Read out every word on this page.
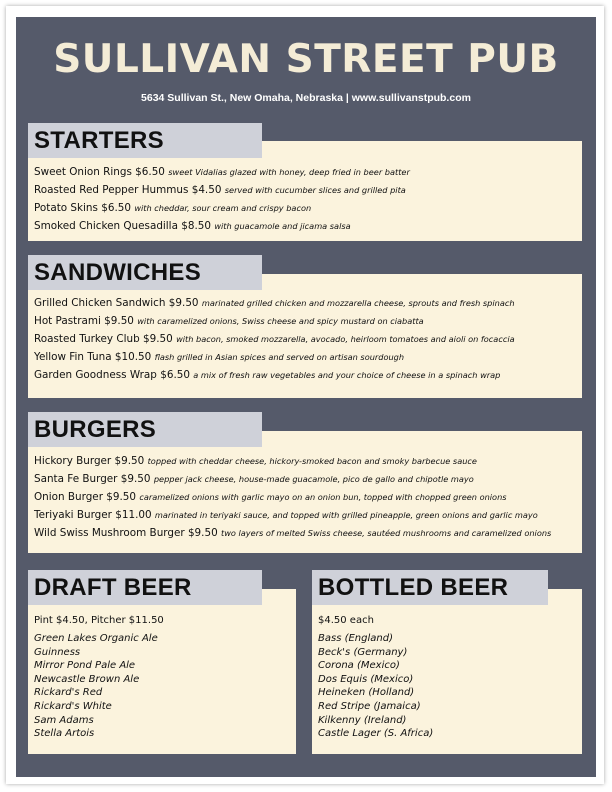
SULLIVAN STREET PUB
5634 Sullivan St., New Omaha, Nebraska | www.sullivanstpub.com
Sweet Onion Rings $6.50 sweet Vidalias glazed with honey, deep fried in beer batter
Roasted Red Pepper Hummus $4.50 served with cucumber slices and grilled pita
Potato Skins $6.50 with cheddar, sour cream and crispy bacon
Smoked Chicken Quesadilla $8.50 with guacamole and jicama salsa
STARTERS
Grilled Chicken Sandwich $9.50 marinated grilled chicken and mozzarella cheese, sprouts and fresh spinach
Hot Pastrami $9.50 with caramelized onions, Swiss cheese and spicy mustard on ciabatta
Roasted Turkey Club $9.50 with bacon, smoked mozzarella, avocado, heirloom tomatoes and aioli on focaccia
Yellow Fin Tuna $10.50 flash grilled in Asian spices and served on artisan sourdough
Garden Goodness Wrap $6.50 a mix of fresh raw vegetables and your choice of cheese in a spinach wrap
SANDWICHES
Hickory Burger $9.50 topped with cheddar cheese, hickory-smoked bacon and smoky barbecue sauce
Santa Fe Burger $9.50 pepper jack cheese, house-made guacamole, pico de gallo and chipotle mayo
Onion Burger $9.50 caramelized onions with garlic mayo on an onion bun, topped with chopped green onions
Teriyaki Burger $11.00 marinated in teriyaki sauce, and topped with grilled pineapple, green onions and garlic mayo
Wild Swiss Mushroom Burger $9.50 two layers of melted Swiss cheese, sautéed mushrooms and caramelized onions
BURGERS
Pint $4.50, Pitcher $11.50
Green Lakes Organic Ale
Guinness
Mirror Pond Pale Ale
Newcastle Brown Ale
Rickard's Red
Rickard's White
Sam Adams
Stella Artois
DRAFT BEER
$4.50 each
Bass (England)
Beck's (Germany)
Corona (Mexico)
Dos Equis (Mexico)
Heineken (Holland)
Red Stripe (Jamaica)
Kilkenny (Ireland)
Castle Lager (S. Africa)
BOTTLED BEER
